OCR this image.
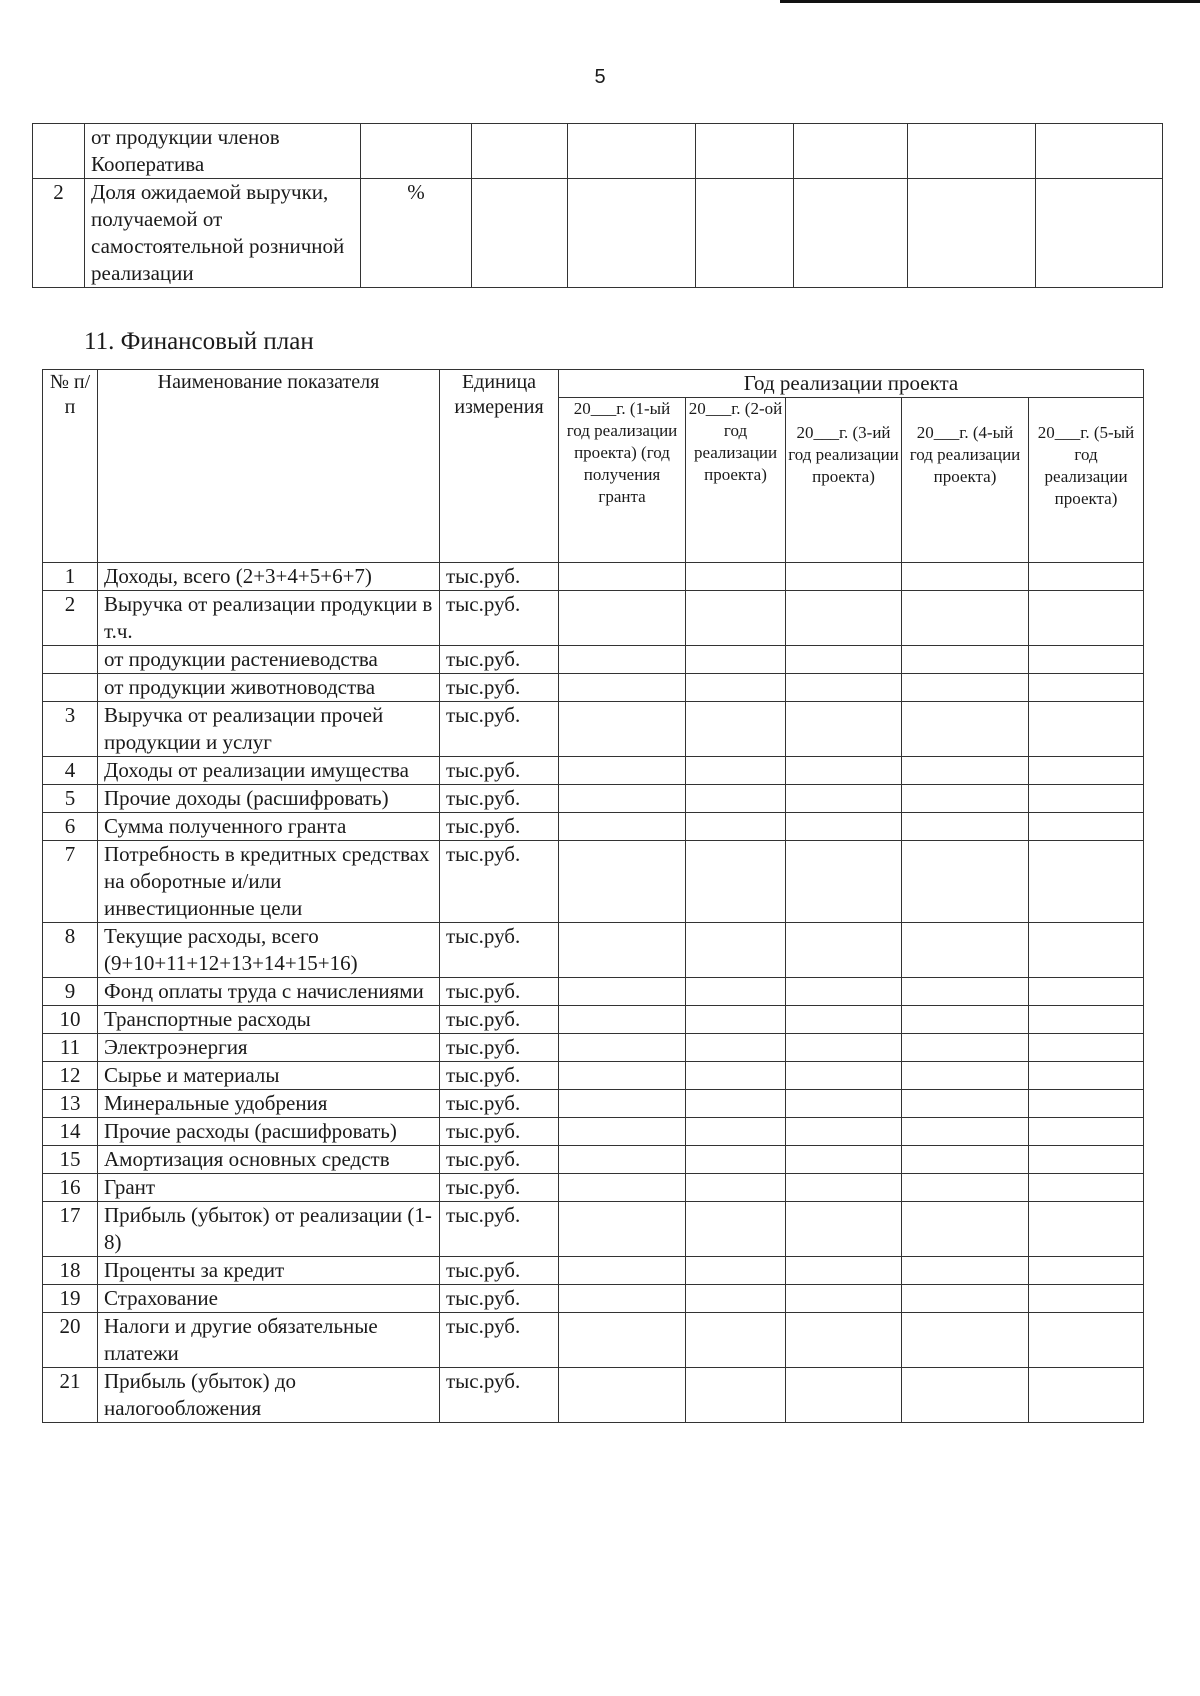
5
	от продукции членов Кооператива							
2	Доля ожидаемой выручки, получаемой от самостоятельной розничной реализации	%						
11. Финансовый план
№ п/п	Наименование показателя	Единица измерения	Год реализации проекта				
			20___г. (1-ый год реализации проекта) (год получения гранта	20___г. (2-ой год реализации проекта)	20___г. (3-ий год реализации проекта)	20___г. (4-ый год реализации проекта)	20___г. (5-ый год реализации проекта)
1	Доходы, всего (2+3+4+5+6+7)	тыс.руб.					
2	Выручка от реализации продукции в т.ч.	тыс.руб.					
	от продукции растениеводства	тыс.руб.					
	от продукции животноводства	тыс.руб.					
3	Выручка от реализации прочей продукции и услуг	тыс.руб.					
4	Доходы от реализации имущества	тыс.руб.					
5	Прочие доходы (расшифровать)	тыс.руб.					
6	Сумма полученного гранта	тыс.руб.					
7	Потребность в кредитных средствах на оборотные и/или инвестиционные цели	тыс.руб.					
8	Текущие расходы, всего (9+10+11+12+13+14+15+16)	тыс.руб.					
9	Фонд оплаты труда с начислениями	тыс.руб.					
10	Транспортные расходы	тыс.руб.					
11	Электроэнергия	тыс.руб.					
12	Сырье и материалы	тыс.руб.					
13	Минеральные удобрения	тыс.руб.					
14	Прочие расходы (расшифровать)	тыс.руб.					
15	Амортизация основных средств	тыс.руб.					
16	Грант	тыс.руб.					
17	Прибыль (убыток) от реализации (1-8)	тыс.руб.					
18	Проценты за кредит	тыс.руб.					
19	Страхование	тыс.руб.					
20	Налоги и другие обязательные платежи	тыс.руб.					
21	Прибыль (убыток) до налогообложения	тыс.руб.					
